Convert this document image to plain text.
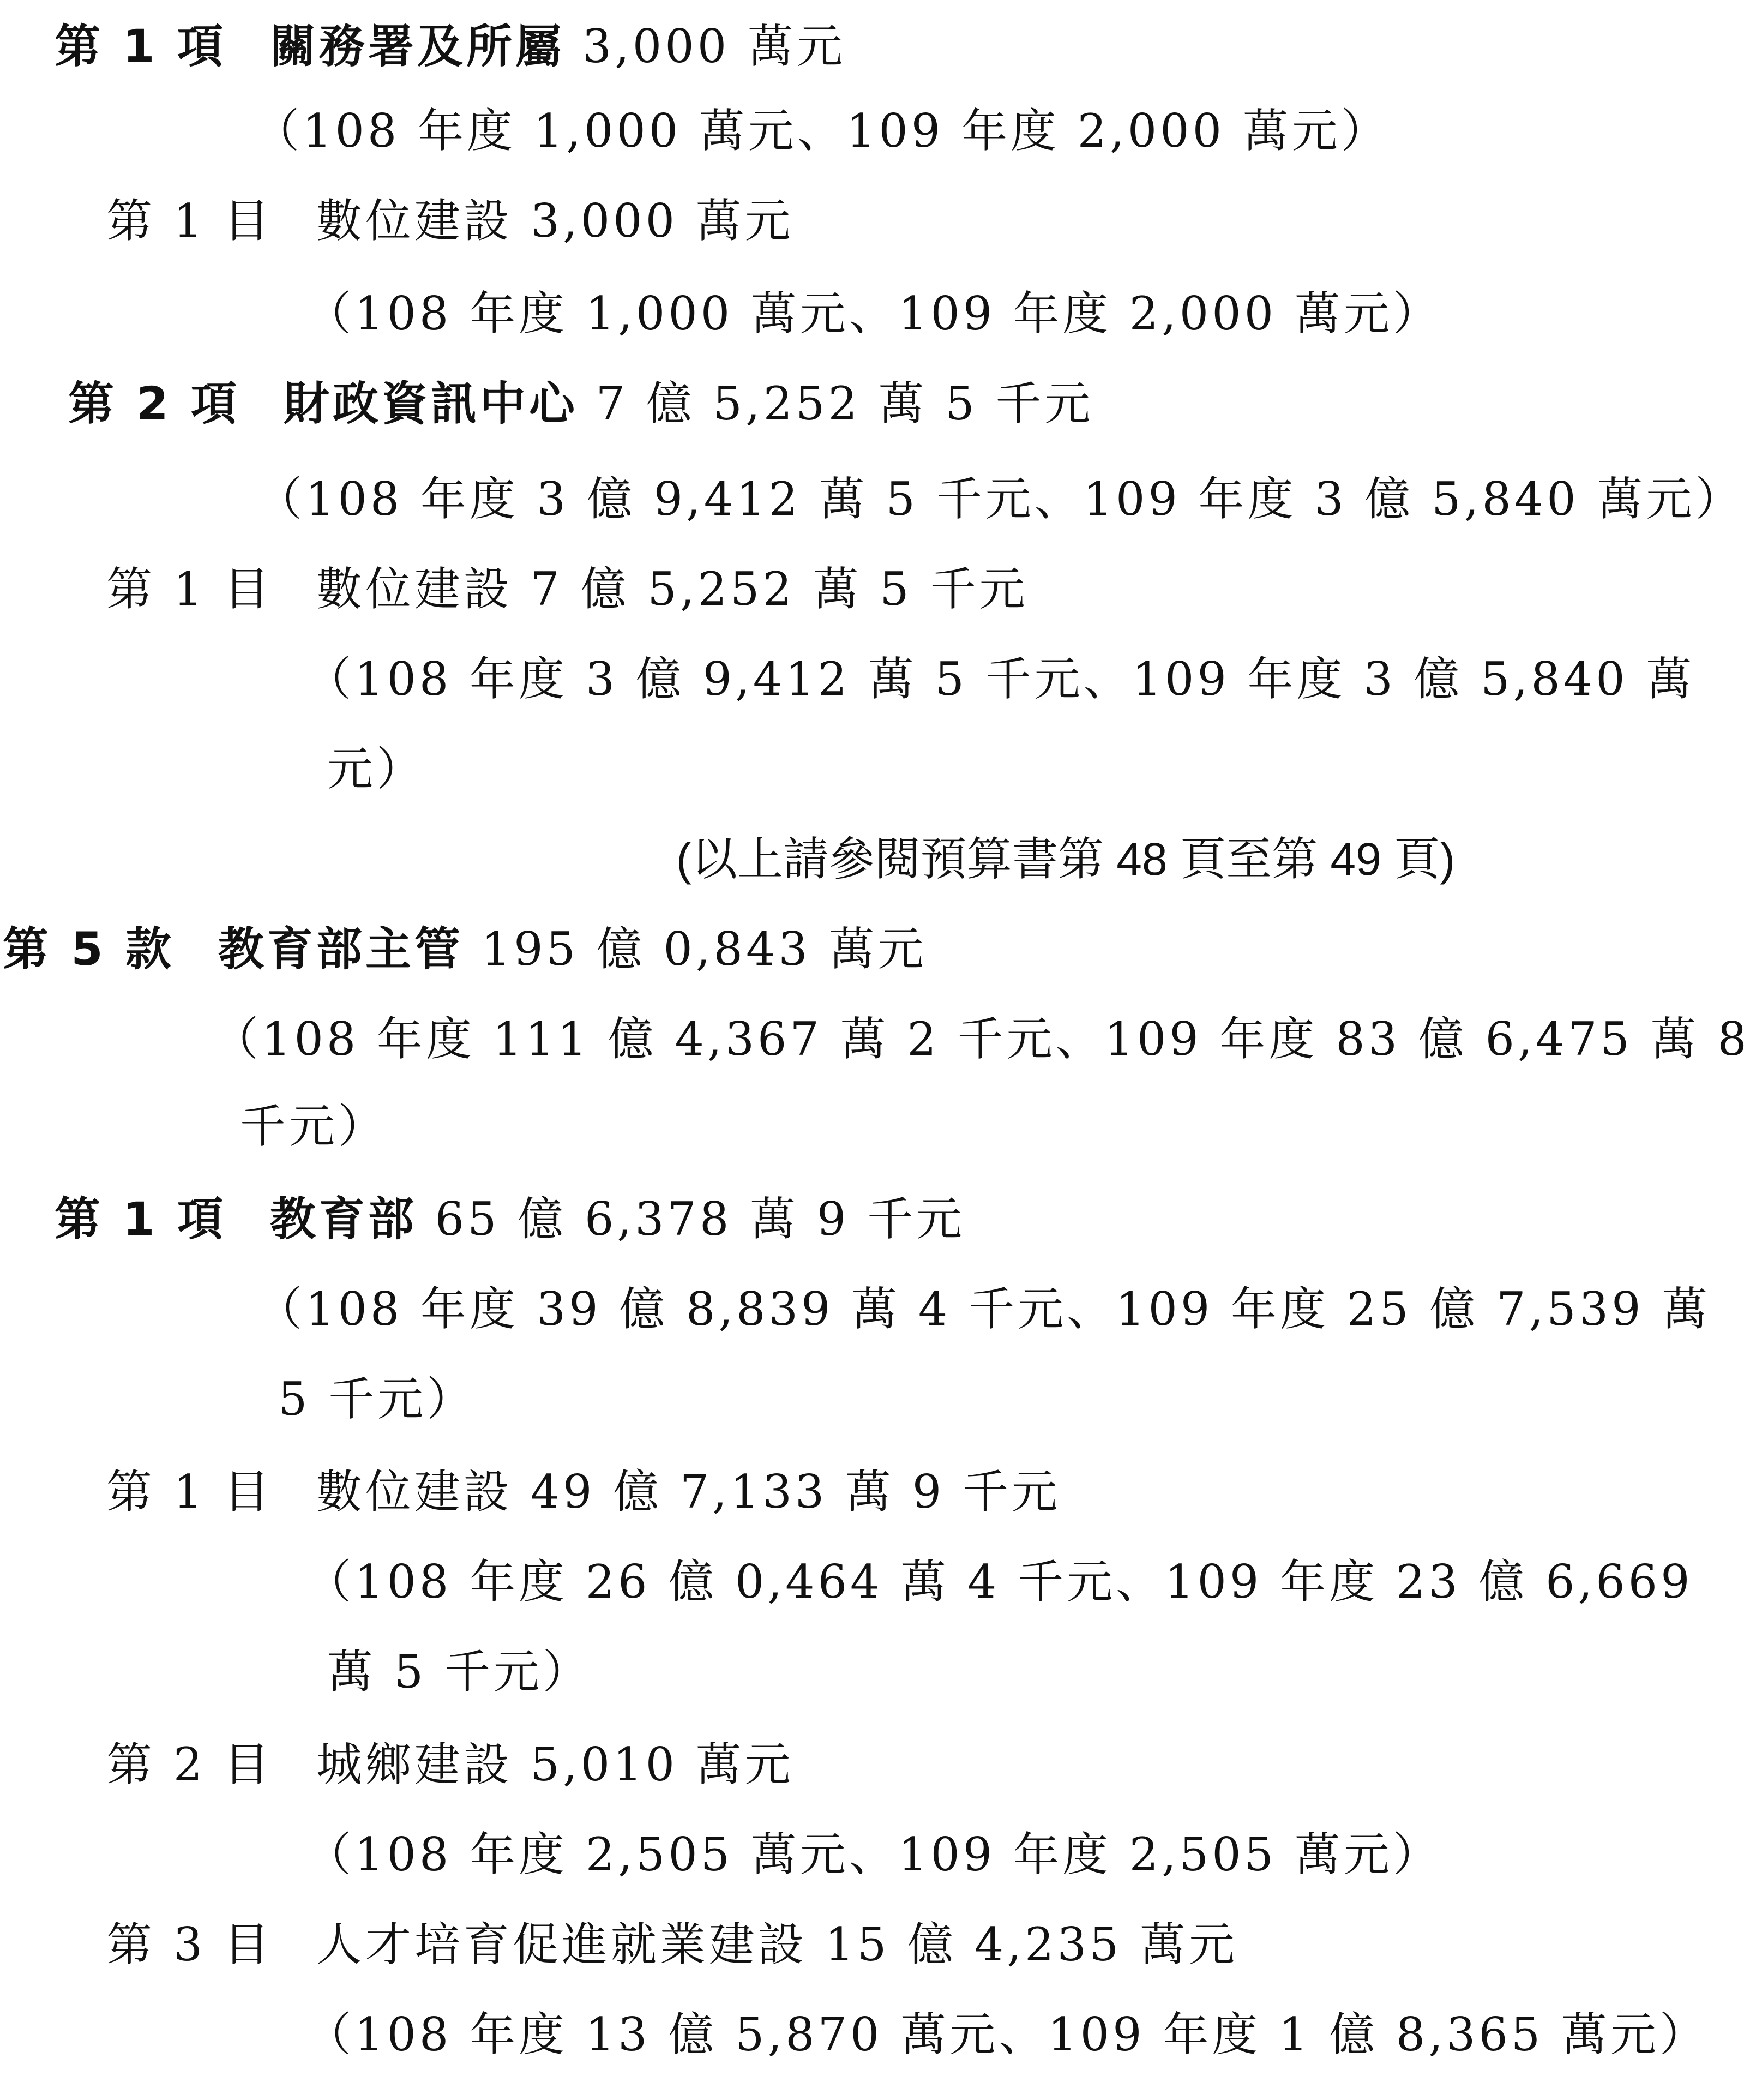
第 1 項 關務署及所屬 3,000 萬元
（108 年度 1,000 萬元、109 年度 2,000 萬元）
第 1 目 數位建設 3,000 萬元
（108 年度 1,000 萬元、109 年度 2,000 萬元）
第 2 項 財政資訊中心 7 億 5,252 萬 5 千元
（108 年度 3 億 9,412 萬 5 千元、109 年度 3 億 5,840 萬元）
第 1 目 數位建設 7 億 5,252 萬 5 千元
（108 年度 3 億 9,412 萬 5 千元、109 年度 3 億 5,840 萬
元）
(以上請參閱預算書第 48 頁至第 49 頁)
第 5 款 教育部主管 195 億 0,843 萬元
（108 年度 111 億 4,367 萬 2 千元、109 年度 83 億 6,475 萬 8
千元）
第 1 項 教育部 65 億 6,378 萬 9 千元
（108 年度 39 億 8,839 萬 4 千元、109 年度 25 億 7,539 萬
5 千元）
第 1 目 數位建設 49 億 7,133 萬 9 千元
（108 年度 26 億 0,464 萬 4 千元、109 年度 23 億 6,669
萬 5 千元）
第 2 目 城鄉建設 5,010 萬元
（108 年度 2,505 萬元、109 年度 2,505 萬元）
第 3 目 人才培育促進就業建設 15 億 4,235 萬元
（108 年度 13 億 5,870 萬元、109 年度 1 億 8,365 萬元）
